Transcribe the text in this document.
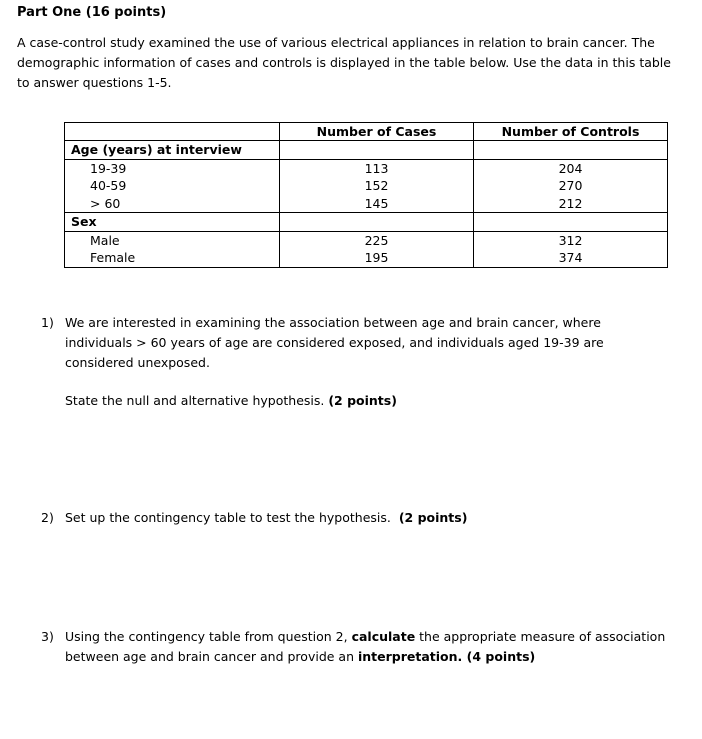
Part One (16 points)
A case-control study examined the use of various electrical appliances in relation to brain cancer. The demographic information of cases and controls is displayed in the table below. Use the data in this table to answer questions 1-5.
	Number of Cases	Number of Controls
Age (years) at interview		
19-39	113	204
40-59	152	270
> 60	145	212
Sex		
Male	225	312
Female	195	374
1) We are interested in examining the association between age and brain cancer, where individuals > 60 years of age are considered exposed, and individuals aged 19-39 are considered unexposed.
State the null and alternative hypothesis. (2 points)
2) Set up the contingency table to test the hypothesis.  (2 points)
3) Using the contingency table from question 2, calculate the appropriate measure of association between age and brain cancer and provide an interpretation. (4 points)
